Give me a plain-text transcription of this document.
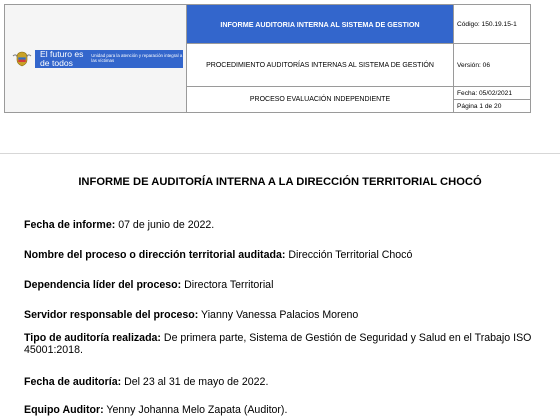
El futuro es de todos
Unidad para la atención y reparación integral a las víctimas	INFORME AUDITORIA INTERNA AL SISTEMA DE GESTION	Código: 150.19.15-1
	PROCEDIMIENTO AUDITORÍAS INTERNAS AL SISTEMA DE GESTIÓN	Versión: 06
	PROCESO EVALUACIÓN INDEPENDIENTE	Fecha: 05/02/2021
		Página 1 de 20
INFORME DE AUDITORÍA INTERNA A LA DIRECCIÓN TERRITORIAL CHOCÓ
Fecha de informe: 07 de junio de 2022.
Nombre del proceso o dirección territorial auditada: Dirección Territorial Chocó
Dependencia líder del proceso: Directora Territorial
Servidor responsable del proceso: Yianny Vanessa Palacios Moreno
Tipo de auditoría realizada: De primera parte, Sistema de Gestión de Seguridad y Salud en el Trabajo ISO 45001:2018.
Fecha de auditoría: Del 23 al 31 de mayo de 2022.
Equipo Auditor: Yenny Johanna Melo Zapata (Auditor).
